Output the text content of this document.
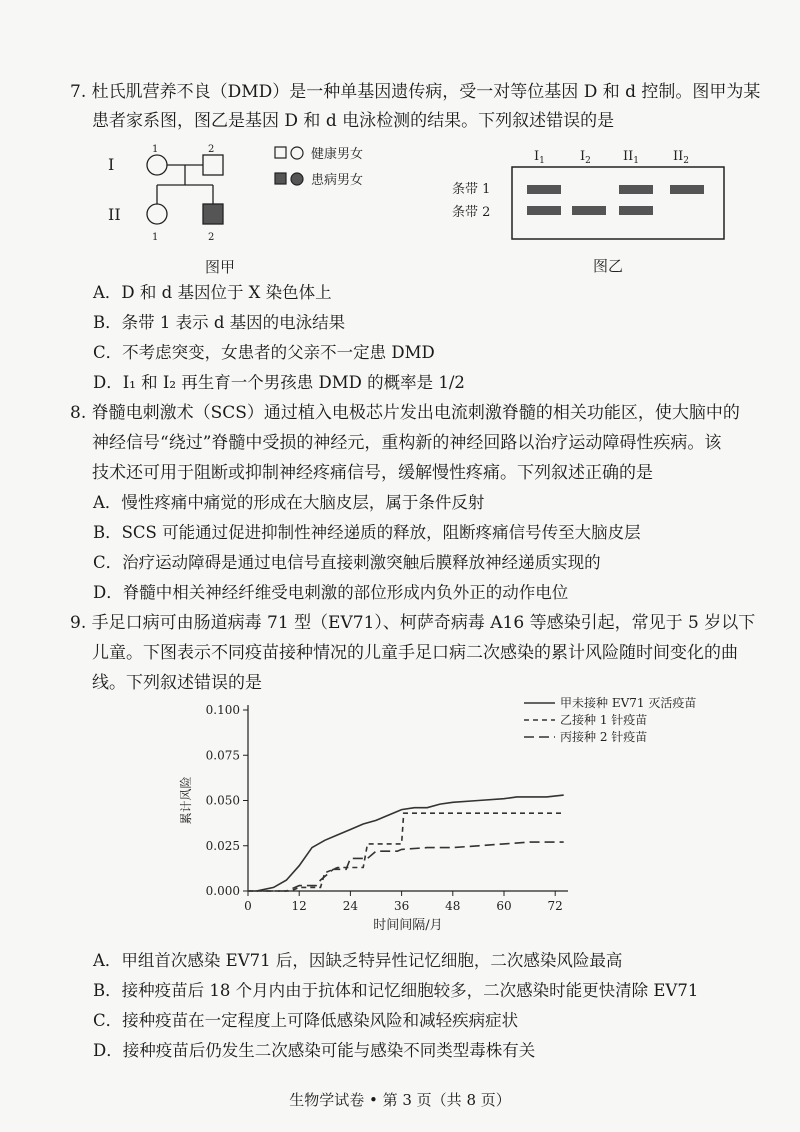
7. 杜氏肌营养不良（DMD）是一种单基因遗传病，受一对等位基因 D 和 d 控制。图甲为某
患者家系图，图乙是基因 D 和 d 电泳检测的结果。下列叙述错误的是
I
II
1	2
1	2
健康男女
患病男女
图甲
$I_1$	$I_2$ $II_1$	$II_2$
条带 1
条带 2
图乙
A．D 和 d 基因位于 X 染色体上
B．条带 1 表示 d 基因的电泳结果
C．不考虑突变，女患者的父亲不一定患 DMD
D．I₁ 和 I₂ 再生育一个男孩患 DMD 的概率是 1/2
8. 脊髓电刺激术（SCS）通过植入电极芯片发出电流刺激脊髓的相关功能区，使大脑中的
神经信号“绕过”脊髓中受损的神经元，重构新的神经回路以治疗运动障碍性疾病。该
技术还可用于阻断或抑制神经疼痛信号，缓解慢性疼痛。下列叙述正确的是
A．慢性疼痛中痛觉的形成在大脑皮层，属于条件反射
B．SCS 可能通过促进抑制性神经递质的释放，阻断疼痛信号传至大脑皮层
C．治疗运动障碍是通过电信号直接刺激突触后膜释放神经递质实现的
D．脊髓中相关神经纤维受电刺激的部位形成内负外正的动作电位
9. 手足口病可由肠道病毒 71 型（EV71）、柯萨奇病毒 A16 等感染引起，常见于 5 岁以下
儿童。下图表示不同疫苗接种情况的儿童手足口病二次感染的累计风险随时间变化的曲
线。下列叙述错误的是
0.000
0.025
0.050
0.075
0.100
0	12	24	36	48	60	72
甲未接种 EV71 灭活疫苗
乙接种 1 针疫苗
丙接种 2 针疫苗
累计风险
时间间隔/月
A．甲组首次感染 EV71 后，因缺乏特异性记忆细胞，二次感染风险最高
B．接种疫苗后 18 个月内由于抗体和记忆细胞较多，二次感染时能更快清除 EV71
C．接种疫苗在一定程度上可降低感染风险和减轻疾病症状
D．接种疫苗后仍发生二次感染可能与感染不同类型毒株有关
生物学试卷 • 第 3 页（共 8 页）
